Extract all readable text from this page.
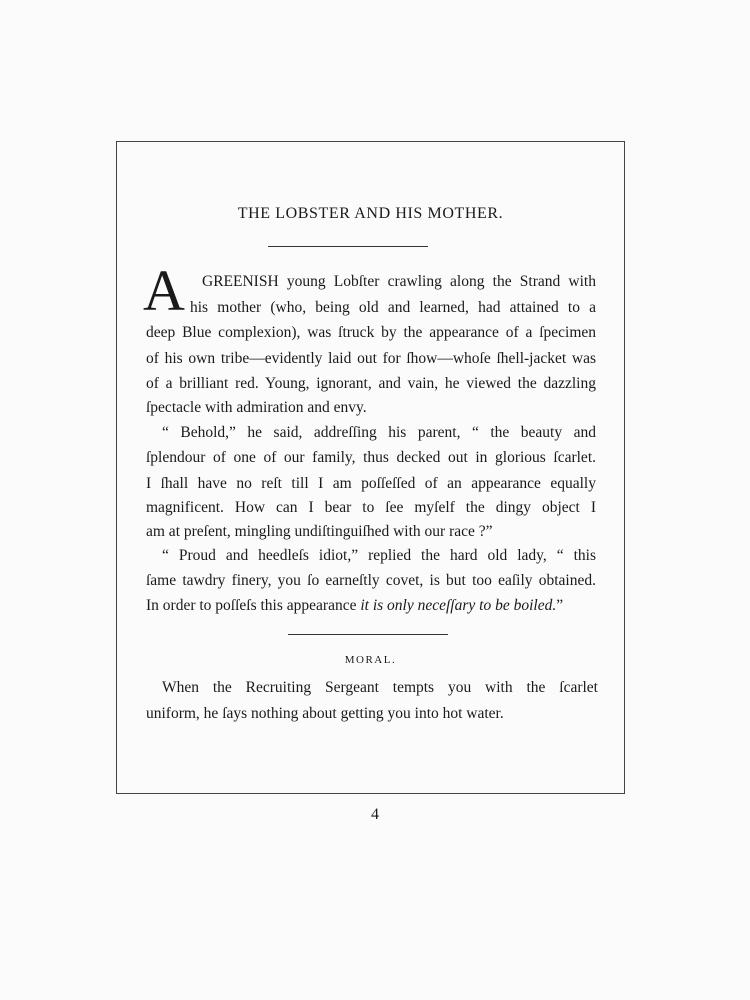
THE LOBSTER AND HIS MOTHER.
A GREENISH young Lobſter crawling along the Strand with
his mother (who, being old and learned, had attained to a
deep Blue complexion), was ſtruck by the appearance of a ſpecimen
of his own tribe—evidently laid out for ſhow—whoſe ſhell-jacket was
of a brilliant red. Young, ignorant, and vain, he viewed the dazzling
ſpectacle with admiration and envy.
“ Behold,” he said, addreſſing his parent, “ the beauty and
ſplendour of one of our family, thus decked out in glorious ſcarlet.
I ſhall have no reſt till I am poſſeſſed of an appearance equally
magnificent. How can I bear to ſee myſelf the dingy object I
am at preſent, mingling undiſtinguiſhed with our race ?”
“ Proud and heedleſs idiot,” replied the hard old lady, “ this
ſame tawdry finery, you ſo earneſtly covet, is but too eaſily obtained.
In order to poſſeſs this appearance it is only neceſſary to be boiled.”
MORAL.
When the Recruiting Sergeant tempts you with the ſcarlet
uniform, he ſays nothing about getting you into hot water.
4
